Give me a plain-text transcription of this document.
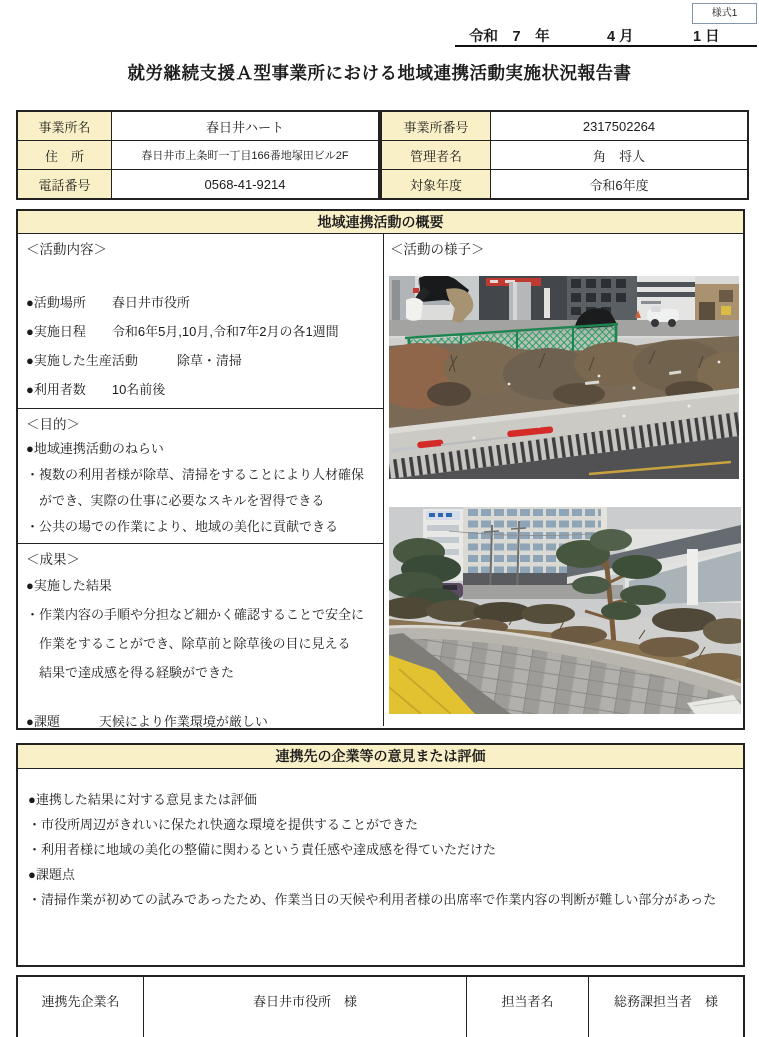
様式1
令和　7　年	4 月	1 日
就労継続支援Ａ型事業所における地域連携活動実施状況報告書
事業所名	春日井ハート
住　所	春日井市上条町一丁目166番地塚田ビル2F
電話番号	0568-41-9214
事業所番号	2317502264
管理者名	角　将人
対象年度	令和6年度
地域連携活動の概要
＜活動内容＞
●活動場所　　春日井市役所
●実施日程　　令和6年5月,10月,令和7年2月の各1週間
●実施した生産活動　　　除草・清掃
●利用者数　　10名前後
＜目的＞
●地域連携活動のねらい
・複数の利用者様が除草、清掃をすることにより人材確保
　ができ、実際の仕事に必要なスキルを習得できる
・公共の場での作業により、地域の美化に貢献できる
＜成果＞
●実施した結果
・作業内容の手順や分担など細かく確認することで安全に
　作業をすることができ、除草前と除草後の目に見える
　結果で達成感を得る経験ができた
●課題　　　天候により作業環境が厳しい
＜活動の様子＞
連携先の企業等の意見または評価
●連携した結果に対する意見または評価
・市役所周辺がきれいに保たれ快適な環境を提供することができた
・利用者様に地域の美化の整備に関わるという責任感や達成感を得ていただけた
●課題点
・清掃作業が初めての試みであったため、作業当日の天候や利用者様の出席率で作業内容の判断が難しい部分があった
連携先企業名	春日井市役所　様	担当者名	総務課担当者　様
